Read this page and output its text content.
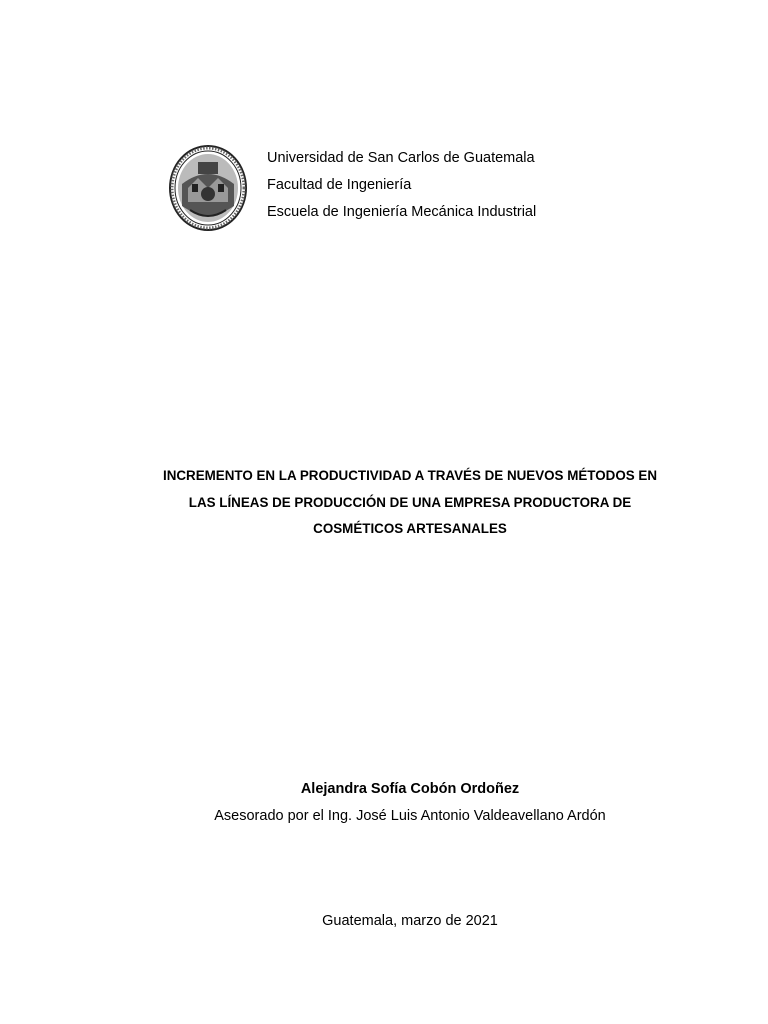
Universidad de San Carlos de Guatemala
Facultad de Ingeniería
Escuela de Ingeniería Mecánica Industrial
INCREMENTO EN LA PRODUCTIVIDAD A TRAVÉS DE NUEVOS MÉTODOS EN
LAS LÍNEAS DE PRODUCCIÓN DE UNA EMPRESA PRODUCTORA DE
COSMÉTICOS ARTESANALES
Alejandra Sofía Cobón Ordoñez
Asesorado por el Ing. José Luis Antonio Valdeavellano Ardón
Guatemala, marzo de 2021
